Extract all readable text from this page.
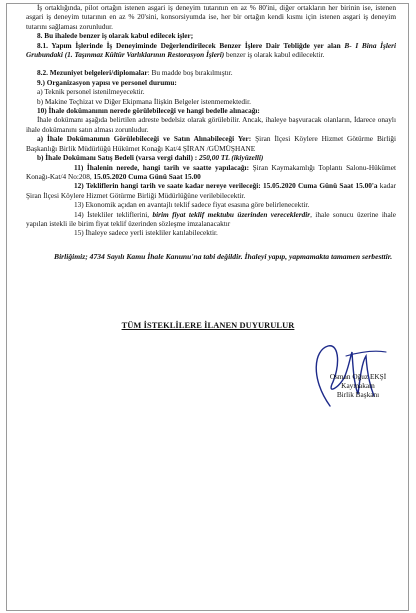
İş ortaklığında, pilot ortağın istenen asgari iş deneyim tutarının en az % 80'ini, diğer ortakların her birinin ise, istenen asgari iş deneyim tutarının en az % 20'sini, konsorsiyumda ise, her bir ortağın kendi kısmı için istenen asgari iş deneyim tutarını sağlaması zorunludur.

8. Bu ihalede benzer iş olarak kabul edilecek işler;

8.1. Yapım İşlerinde İş Deneyiminde Değerlendirilecek Benzer İşlere Dair Tebliğde yer alan B- I Bina İşleri Grubundaki (1. Taşınmaz Kültür Varlıklarının Restorasyon İşleri) benzer iş olarak kabul edilecektir.

8.2. Mezuniyet belgeleri/diplomalar: Bu madde boş bırakılmıştır.

9.) Organizasyon yapısı ve personel durumu:

a) Teknik personel istenilmeyecektir.

b) Makine Teçhizat ve Diğer Ekipmana İlişkin Belgeler istenmemektedir.

10) İhale dokümanının nerede görülebileceği ve hangi bedelle alınacağı:

İhale dokümanı aşağıda belirtilen adreste bedelsiz olarak görülebilir. Ancak, ihaleye başvuracak olanların, İdarece onaylı ihale dokümanını satın alması zorunludur.

a) İhale Dokümanının Görülebileceği ve Satın Alınabileceği Yer: Şiran İlçesi Köylere Hizmet Götürme Birliği Başkanlığı Birlik Müdürlüğü Hükümet Konağı Kat/4 ŞİRAN /GÜMÜŞHANE

b) İhale Dokümanı Satış Bedeli (varsa vergi dahil) : 250,00 TL (ikiyüzelli)

11) İhalenin nerede, hangi tarih ve saatte yapılacağı: Şiran Kaymakamlığı Toplantı Salonu-Hükümet Konağı-Kat/4 No:208, 15.05.2020 Cuma Günü Saat 15.00

12) Tekliflerin hangi tarih ve saate kadar nereye verileceği: 15.05.2020 Cuma Günü Saat 15.00'a kadar Şiran İlçesi Köylere Hizmet Götürme Birliği Müdürlüğüne verilebilecektir.

13) Ekonomik açıdan en avantajlı teklif sadece fiyat esasına göre belirlenecektir.

14) İstekliler tekliflerini, birim fiyat teklif mektubu üzerinden vereceklerdir, ihale sonucu üzerine ihale yapılan istekli ile birim fiyat teklif üzerinden sözleşme imzalanacaktır

15) İhaleye sadece yerli istekliler katılabilecektir.

Birliğimiz; 4734 Sayılı Kamu İhale Kanunu'na tabi değildir. İhaleyi yapıp, yapmamakta tamamen serbesttir.

TÜM İSTEKLİLERE İLANEN DUYURULUR
Osman Oğuz EKŞİ
Kaymakam
Birlik Başkanı
